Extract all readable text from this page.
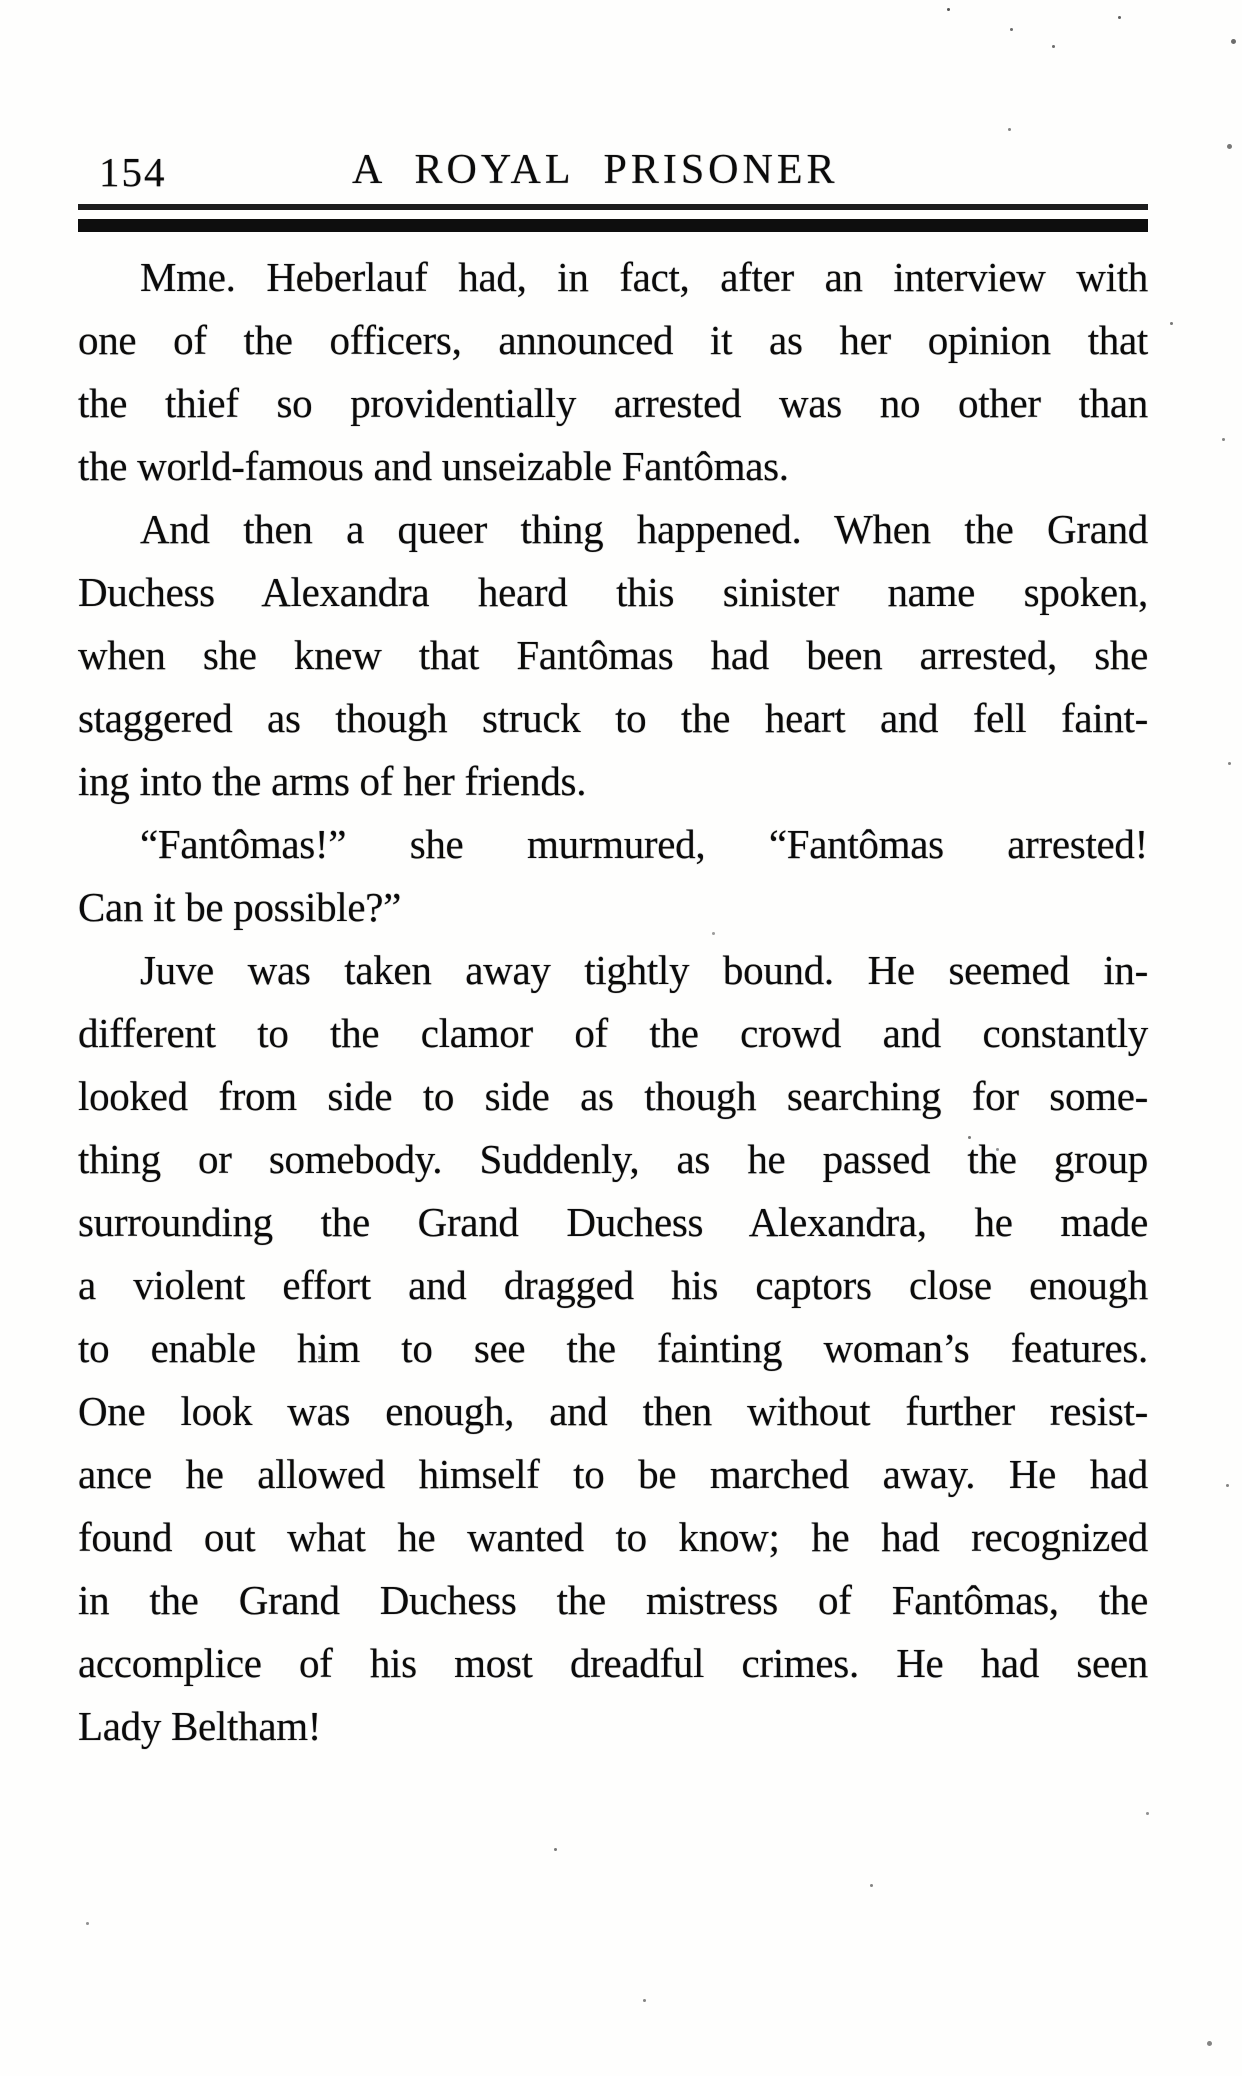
154	A ROYAL PRISONER
Mme. Heberlauf had, in fact, after an interview with
one of the officers, announced it as her opinion that
the thief so providentially arrested was no other than
the world-famous and unseizable Fantômas.
And then a queer thing happened. When the Grand
Duchess Alexandra heard this sinister name spoken,
when she knew that Fantômas had been arrested, she
staggered as though struck to the heart and fell faint-
ing into the arms of her friends.
“Fantômas!” she murmured, “Fantômas arrested!
Can it be possible?”
Juve was taken away tightly bound. He seemed in-
different to the clamor of the crowd and constantly
looked from side to side as though searching for some-
thing or somebody. Suddenly, as he passed the group
surrounding the Grand Duchess Alexandra, he made
a violent effort and dragged his captors close enough
to enable him to see the fainting woman’s features.
One look was enough, and then without further resist-
ance he allowed himself to be marched away. He had
found out what he wanted to know; he had recognized
in the Grand Duchess the mistress of Fantômas, the
accomplice of his most dreadful crimes. He had seen
Lady Beltham!
